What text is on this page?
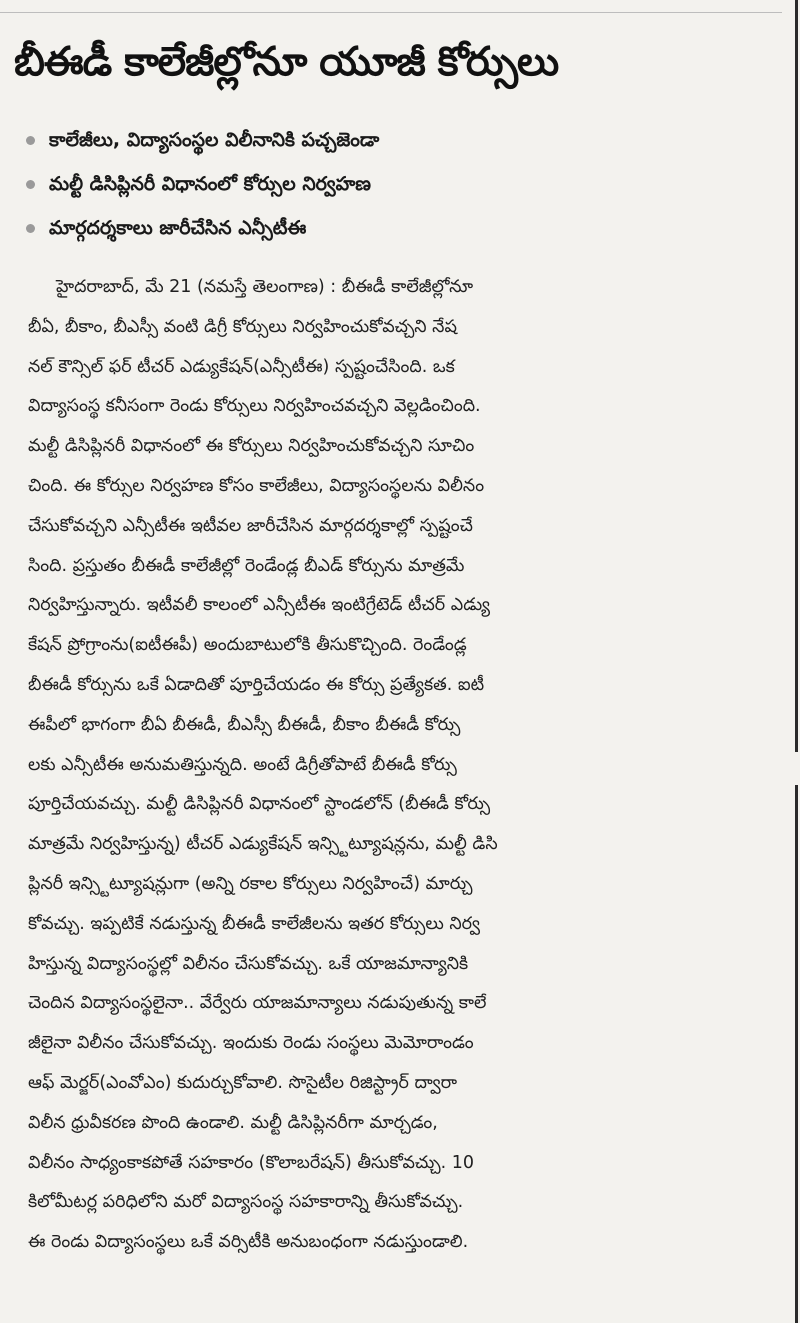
బీఈడీ కాలేజీల్లోనూ యూజీ కోర్సులు
కాలేజీలు, విద్యాసంస్థల విలీనానికి పచ్చజెండా
మల్టీ డిసిప్లినరీ విధానంలో కోర్సుల నిర్వహణ
మార్గదర్శకాలు జారీచేసిన ఎన్సీటీఈ
హైదరాబాద్, మే 21 (నమస్తే తెలంగాణ) : బీఈడీ కాలేజీల్లోనూ
బీఏ, బీకాం, బీఎస్సీ వంటి డిగ్రీ కోర్సులు నిర్వహించుకోవచ్చని నేష
నల్ కౌన్సిల్ ఫర్ టీచర్ ఎడ్యుకేషన్(ఎన్సీటీఈ) స్పష్టంచేసింది. ఒక
విద్యాసంస్థ కనీసంగా రెండు కోర్సులు నిర్వహించవచ్చని వెల్లడించింది.
మల్టీ డిసిప్లినరీ విధానంలో ఈ కోర్సులు నిర్వహించుకోవచ్చని సూచిం
చింది. ఈ కోర్సుల నిర్వహణ కోసం కాలేజీలు, విద్యాసంస్థలను విలీనం
చేసుకోవచ్చని ఎన్సీటీఈ ఇటీవల జారీచేసిన మార్గదర్శకాల్లో స్పష్టంచే
సింది. ప్రస్తుతం బీఈడీ కాలేజీల్లో రెండేండ్ల బీఎడ్ కోర్సును మాత్రమే
నిర్వహిస్తున్నారు. ఇటీవలీ కాలంలో ఎన్సీటీఈ ఇంటిగ్రేటెడ్ టీచర్ ఎడ్యు
కేషన్ ప్రోగ్రాంను(ఐటీఈపీ) అందుబాటులోకి తీసుకొచ్చింది. రెండేండ్ల
బీఈడీ కోర్సును ఒకే ఏడాదితో పూర్తిచేయడం ఈ కోర్సు ప్రత్యేకత. ఐటీ
ఈపీలో భాగంగా బీఏ బీఈడీ, బీఎస్సీ బీఈడీ, బీకాం బీఈడీ కోర్సు
లకు ఎన్సీటీఈ అనుమతిస్తున్నది. అంటే డిగ్రీతోపాటే బీఈడీ కోర్సు
పూర్తిచేయవచ్చు. మల్టీ డిసిప్లినరీ విధానంలో స్టాండలోన్ (బీఈడీ కోర్సు
మాత్రమే నిర్వహిస్తున్న) టీచర్ ఎడ్యుకేషన్ ఇన్స్టిట్యూషన్లను, మల్టీ డిసి
ప్లినరీ ఇన్స్టిట్యూషన్లుగా (అన్ని రకాల కోర్సులు నిర్వహించే) మార్చు
కోవచ్చు. ఇప్పటికే నడుస్తున్న బీఈడీ కాలేజీలను ఇతర కోర్సులు నిర్వ
హిస్తున్న విద్యాసంస్థల్లో విలీనం చేసుకోవచ్చు. ఒకే యాజమాన్యానికి
చెందిన విద్యాసంస్థలైనా.. వేర్వేరు యాజమాన్యాలు నడుపుతున్న కాలే
జీలైనా విలీనం చేసుకోవచ్చు. ఇందుకు రెండు సంస్థలు మెమోరాండం
ఆఫ్ మెర్జర్(ఎంవోఎం) కుదుర్చుకోవాలి. సొసైటీల రిజిస్ట్రార్ ద్వారా
విలీన ధ్రువీకరణ పొంది ఉండాలి. మల్టీ డిసిప్లినరీగా మార్చడం,
విలీనం సాధ్యంకాకపోతే సహకారం (కొలాబరేషన్) తీసుకోవచ్చు. 10
కిలోమీటర్ల పరిధిలోని మరో విద్యాసంస్థ సహకారాన్ని తీసుకోవచ్చు.
ఈ రెండు విద్యాసంస్థలు ఒకే వర్సిటీకి అనుబంధంగా నడుస్తుండాలి.
